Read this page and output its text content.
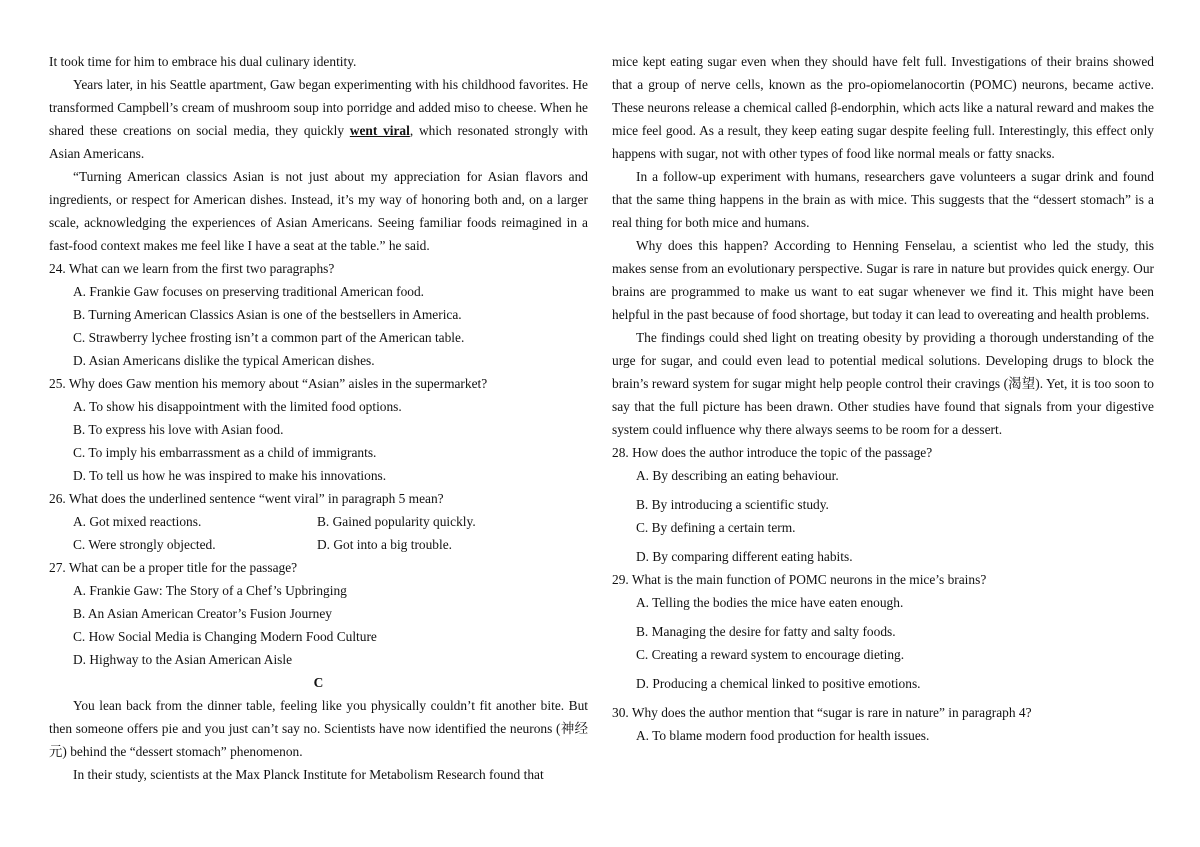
It took time for him to embrace his dual culinary identity.

Years later, in his Seattle apartment, Gaw began experimenting with his childhood favorites. He transformed Campbell’s cream of mushroom soup into porridge and added miso to cheese. When he shared these creations on social media, they quickly went viral, which resonated strongly with Asian Americans.

“Turning American classics Asian is not just about my appreciation for Asian flavors and ingredients, or respect for American dishes. Instead, it’s my way of honoring both and, on a larger scale, acknowledging the experiences of Asian Americans. Seeing familiar foods reimagined in a fast-food context makes me feel like I have a seat at the table.” he said.

24. What can we learn from the first two paragraphs?

A. Frankie Gaw focuses on preserving traditional American food.

B. Turning American Classics Asian is one of the bestsellers in America.

C. Strawberry lychee frosting isn’t a common part of the American table.

D. Asian Americans dislike the typical American dishes.

25. Why does Gaw mention his memory about “Asian” aisles in the supermarket?

A. To show his disappointment with the limited food options.

B. To express his love with Asian food.

C. To imply his embarrassment as a child of immigrants.

D. To tell us how he was inspired to make his innovations.

26. What does the underlined sentence “went viral” in paragraph 5 mean?

A. Got mixed reactions.	B. Gained popularity quickly.

C. Were strongly objected.	D. Got into a big trouble.

27. What can be a proper title for the passage?

A. Frankie Gaw: The Story of a Chef’s Upbringing

B. An Asian American Creator’s Fusion Journey

C. How Social Media is Changing Modern Food Culture

D. Highway to the Asian American Aisle

C

You lean back from the dinner table, feeling like you physically couldn’t fit another bite. But then someone offers pie and you just can’t say no. Scientists have now identified the neurons (神经元) behind the “dessert stomach” phenomenon.

In their study, scientists at the Max Planck Institute for Metabolism Research found that

mice kept eating sugar even when they should have felt full. Investigations of their brains showed that a group of nerve cells, known as the pro-opiomelanocortin (POMC) neurons, became active. These neurons release a chemical called β-endorphin, which acts like a natural reward and makes the mice feel good. As a result, they keep eating sugar despite feeling full. Interestingly, this effect only happens with sugar, not with other types of food like normal meals or fatty snacks.

In a follow-up experiment with humans, researchers gave volunteers a sugar drink and found that the same thing happens in the brain as with mice. This suggests that the “dessert stomach” is a real thing for both mice and humans.

Why does this happen? According to Henning Fenselau, a scientist who led the study, this makes sense from an evolutionary perspective. Sugar is rare in nature but provides quick energy. Our brains are programmed to make us want to eat sugar whenever we find it. This might have been helpful in the past because of food shortage, but today it can lead to overeating and health problems.

The findings could shed light on treating obesity by providing a thorough understanding of the urge for sugar, and could even lead to potential medical solutions. Developing drugs to block the brain’s reward system for sugar might help people control their cravings (渴望). Yet, it is too soon to say that the full picture has been drawn. Other studies have found that signals from your digestive system could influence why there always seems to be room for a dessert.

28. How does the author introduce the topic of the passage?

A. By describing an eating behaviour.

B. By introducing a scientific study.

C. By defining a certain term.

D. By comparing different eating habits.

29. What is the main function of POMC neurons in the mice’s brains?

A. Telling the bodies the mice have eaten enough.

B. Managing the desire for fatty and salty foods.

C. Creating a reward system to encourage dieting.

D. Producing a chemical linked to positive emotions.

30. Why does the author mention that “sugar is rare in nature” in paragraph 4?

A. To blame modern food production for health issues.
